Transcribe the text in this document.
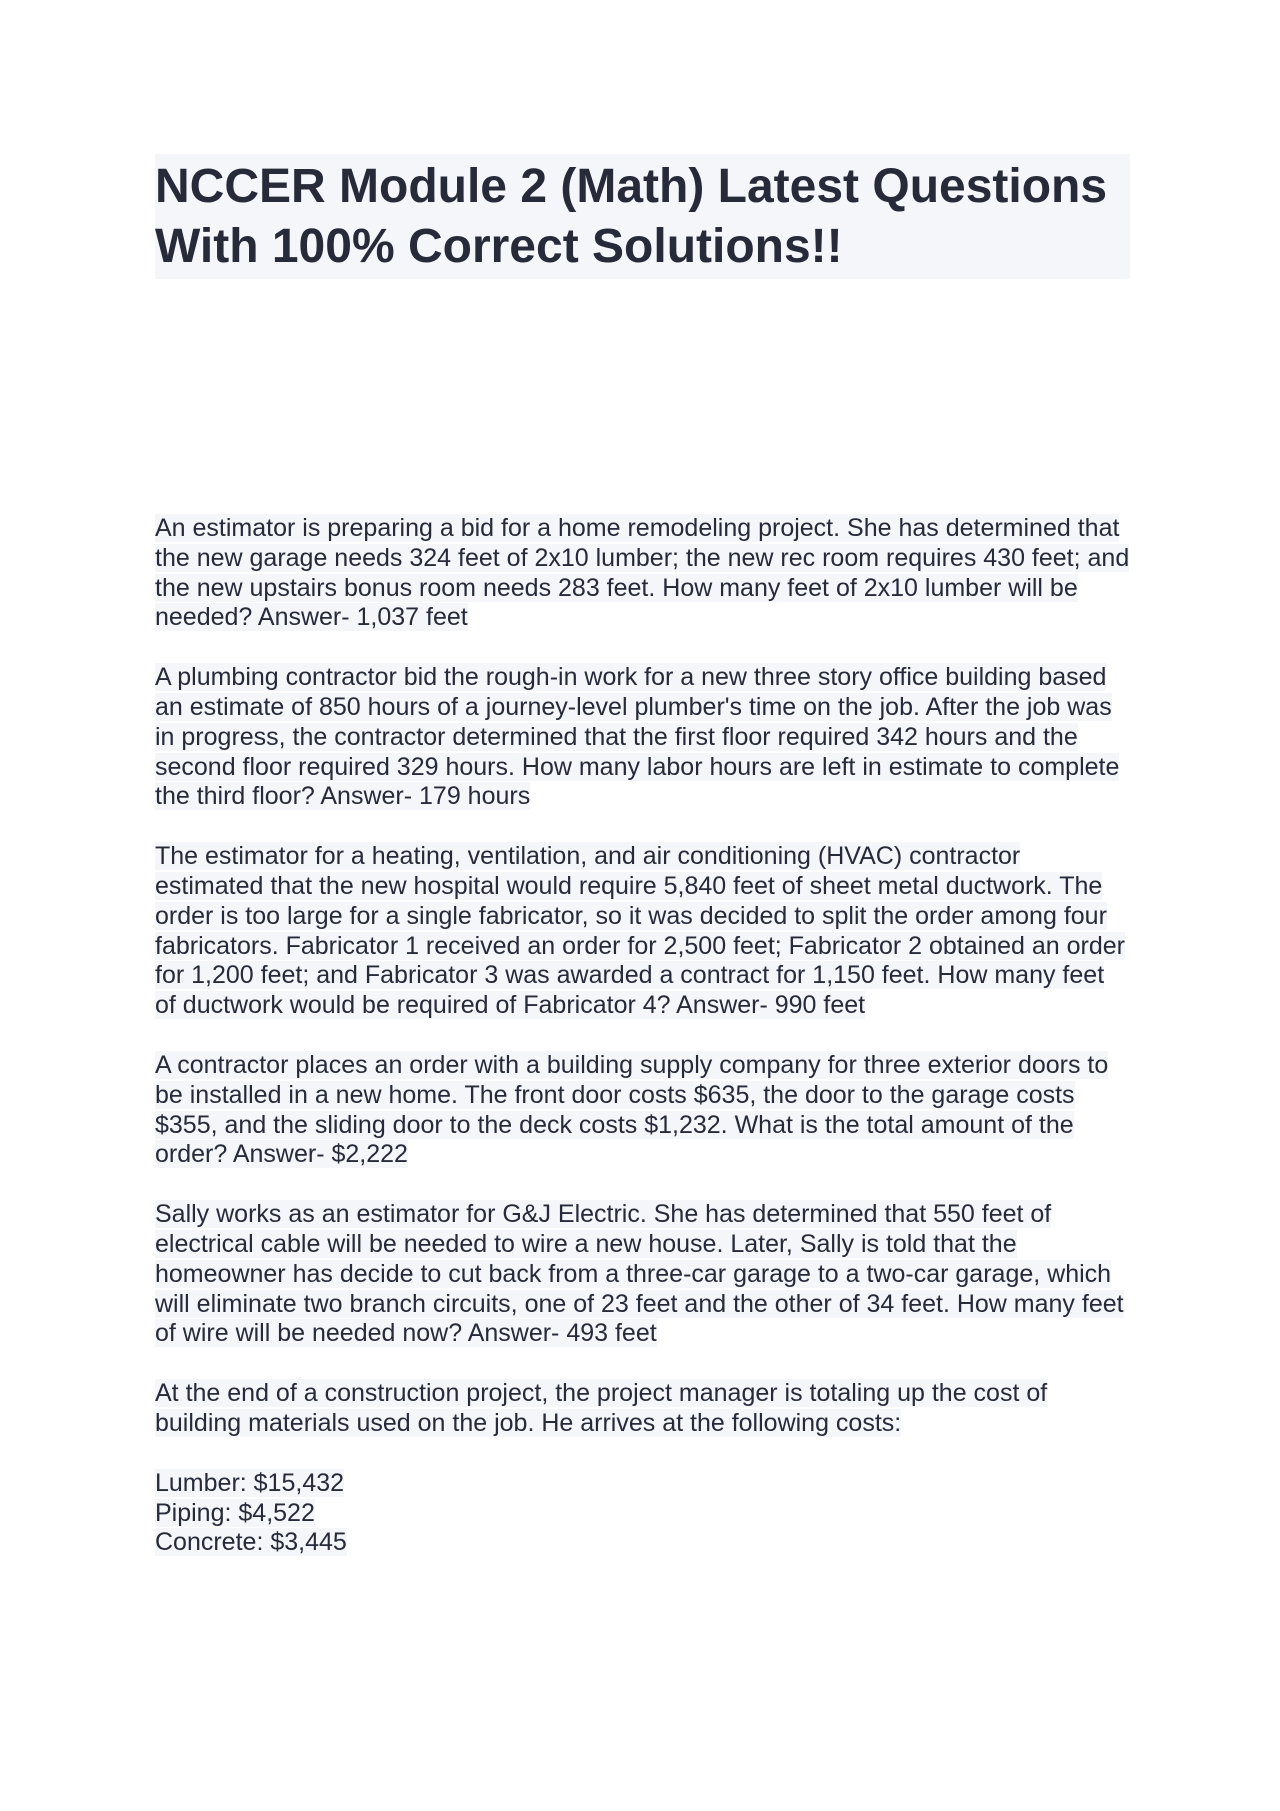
NCCER Module 2 (Math) Latest Questions With 100% Correct Solutions!!

An estimator is preparing a bid for a home remodeling project. She has determined that the new garage needs 324 feet of 2x10 lumber; the new rec room requires 430 feet; and the new upstairs bonus room needs 283 feet. How many feet of 2x10 lumber will be needed? Answer- 1,037 feet

A plumbing contractor bid the rough-in work for a new three story office building based an estimate of 850 hours of a journey-level plumber's time on the job. After the job was in progress, the contractor determined that the first floor required 342 hours and the second floor required 329 hours. How many labor hours are left in estimate to complete the third floor? Answer- 179 hours

The estimator for a heating, ventilation, and air conditioning (HVAC) contractor estimated that the new hospital would require 5,840 feet of sheet metal ductwork. The order is too large for a single fabricator, so it was decided to split the order among four fabricators. Fabricator 1 received an order for 2,500 feet; Fabricator 2 obtained an order for 1,200 feet; and Fabricator 3 was awarded a contract for 1,150 feet. How many feet of ductwork would be required of Fabricator 4? Answer- 990 feet

A contractor places an order with a building supply company for three exterior doors to be installed in a new home. The front door costs $635, the door to the garage costs $355, and the sliding door to the deck costs $1,232. What is the total amount of the order? Answer- $2,222

Sally works as an estimator for G&J Electric. She has determined that 550 feet of electrical cable will be needed to wire a new house. Later, Sally is told that the homeowner has decide to cut back from a three-car garage to a two-car garage, which will eliminate two branch circuits, one of 23 feet and the other of 34 feet. How many feet of wire will be needed now? Answer- 493 feet

At the end of a construction project, the project manager is totaling up the cost of building materials used on the job. He arrives at the following costs:

Lumber: $15,432
Piping: $4,522
Concrete: $3,445
